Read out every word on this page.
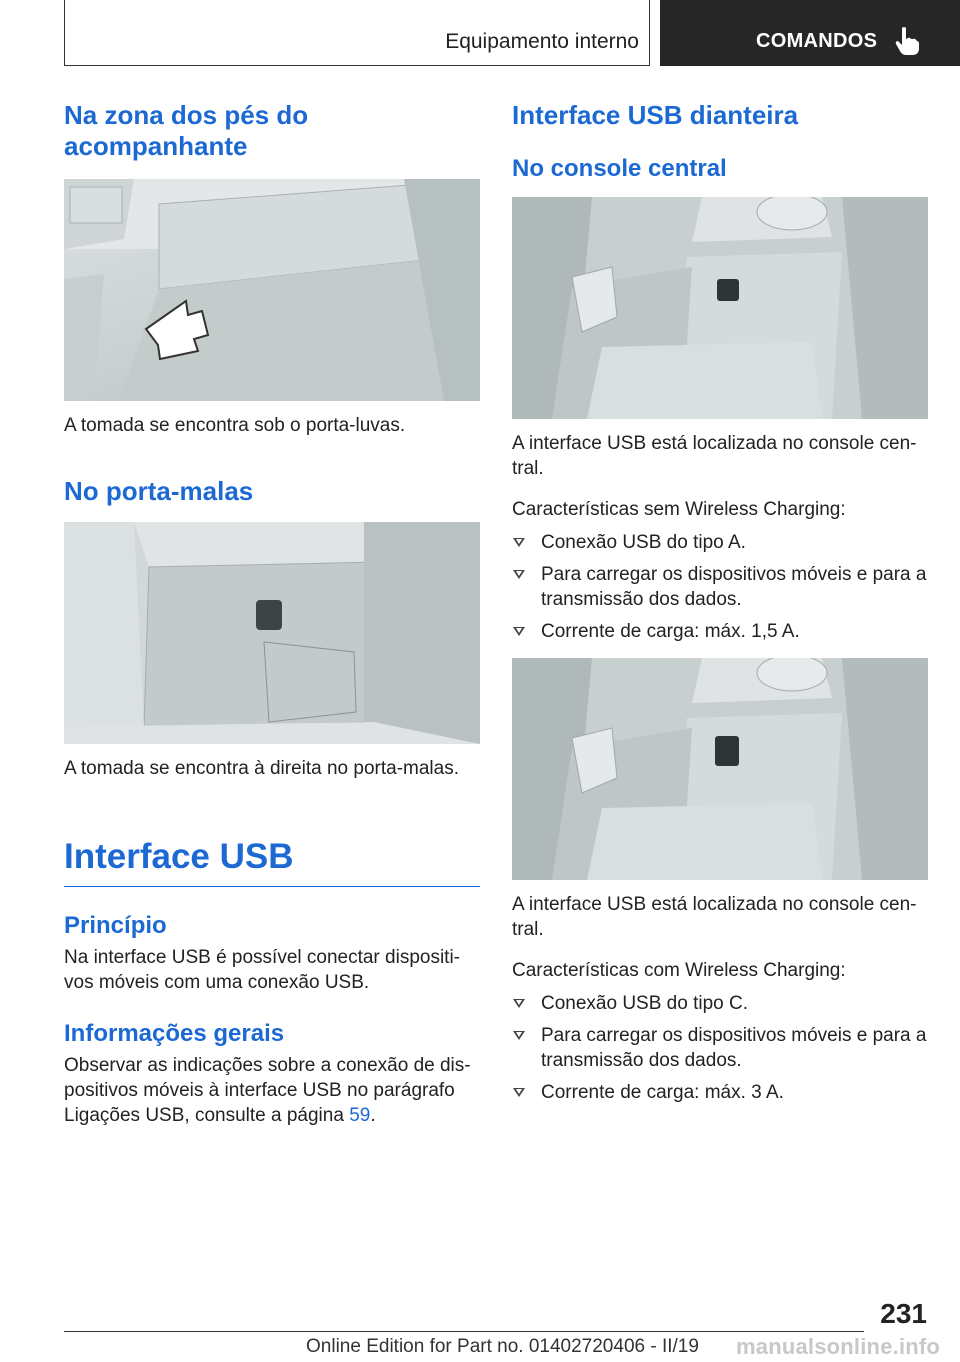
Equipamento interno	COMANDOS
Na zona dos pés do acompanhante

A tomada se encontra sob o porta-luvas.

No porta-malas

A tomada se encontra à direita no porta-malas.

Interface USB
Princípio

Na interface USB é possível conectar dispositi-vos móveis com uma conexão USB.

Informações gerais

Observar as indicações sobre a conexão de dis-positivos móveis à interface USB no parágrafo Ligações USB, consulte a página 59.

Interface USB dianteira
No console central

A interface USB está localizada no console cen-tral.

Características sem Wireless Charging:

Conexão USB do tipo A.
Para carregar os dispositivos móveis e para a transmissão dos dados.
Corrente de carga: máx. 1,5 A.

A interface USB está localizada no console cen-tral.

Características com Wireless Charging:

Conexão USB do tipo C.
Para carregar os dispositivos móveis e para a transmissão dos dados.
Corrente de carga: máx. 3 A.
231
Online Edition for Part no. 01402720406 - II/19 manualsonline.info
